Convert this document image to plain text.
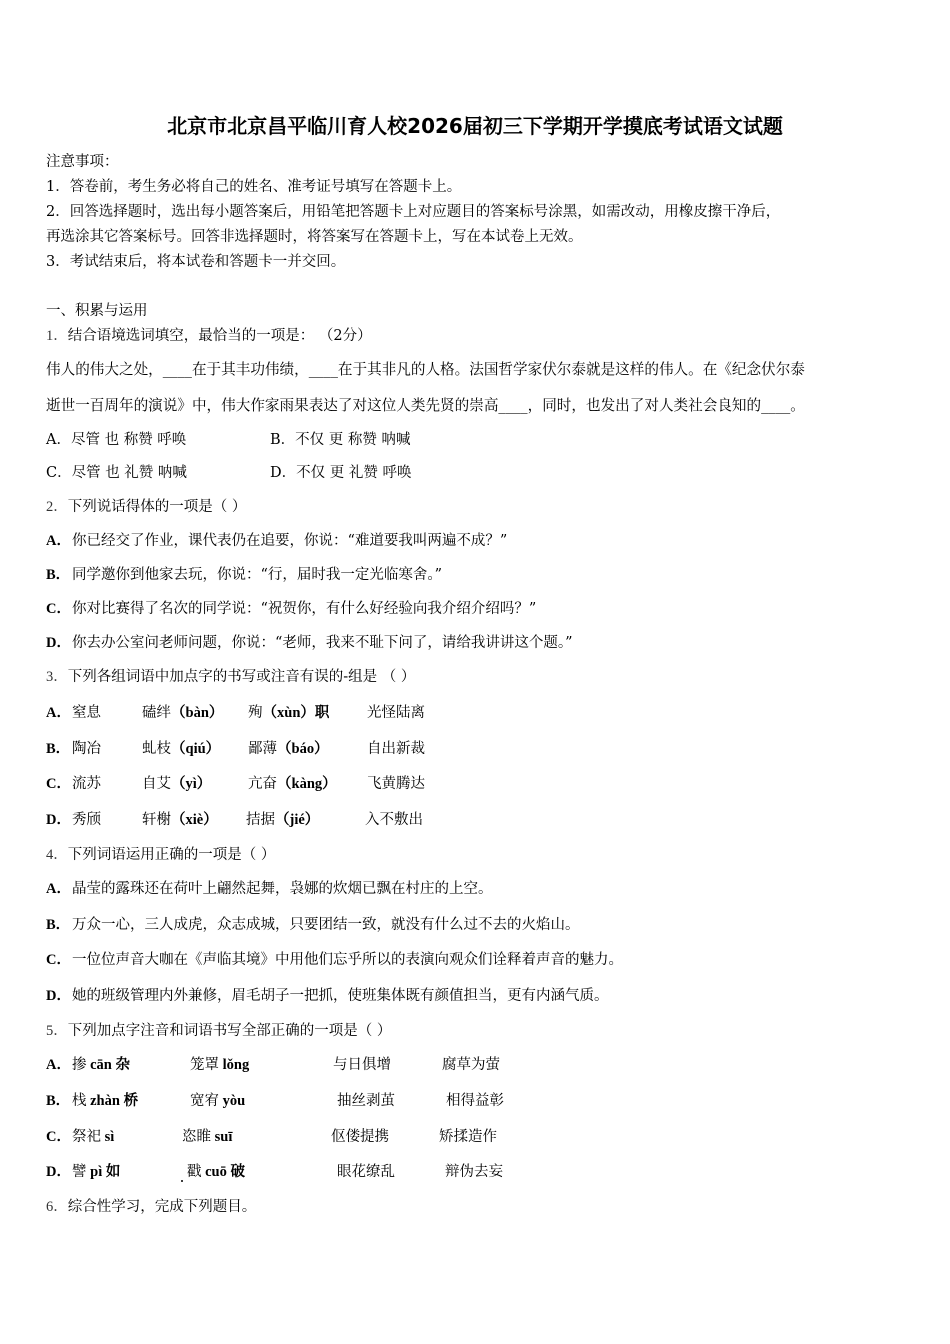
北京市北京昌平临川育人校2026届初三下学期开学摸底考试语文试题
注意事项：
1．答卷前，考生务必将自己的姓名、准考证号填写在答题卡上。
2．回答选择题时，选出每小题答案后，用铅笔把答题卡上对应题目的答案标号涂黑，如需改动，用橡皮擦干净后，
再选涂其它答案标号。回答非选择题时，将答案写在答题卡上，写在本试卷上无效。
3．考试结束后，将本试卷和答题卡一并交回。
一、积累与运用
1．结合语境选词填空，最恰当的一项是： （2分）
伟人的伟大之处，____在于其丰功伟绩，____在于其非凡的人格。法国哲学家伏尔泰就是这样的伟人。在《纪念伏尔泰
逝世一百周年的演说》中，伟大作家雨果表达了对这位人类先贤的崇高____，同时，也发出了对人类社会良知的____。
A．尽管 也 称赞 呼唤	B．不仅 更 称赞 呐喊
C．尽管 也 礼赞 呐喊	D．不仅 更 礼赞 呼唤
2．下列说话得体的一项是（ ）
A．你已经交了作业，课代表仍在追要，你说：“难道要我叫两遍不成？”
B． 同学邀你到他家去玩，你说：“行，届时我一定光临寒舍。”
C．你对比赛得了名次的同学说：“祝贺你，有什么好经验向我介绍介绍吗？”
D．你去办公室问老师问题，你说：“老师，我来不耻下问了，请给我讲讲这个题。”
3．下列各组词语中加点字的书写或注音有误的-组是 （ ）
A．窒息	磕绊（bàn） 殉（xùn）职	光怪陆离
B． 陶冶	虬枝（qiú） 鄙薄（báo）	自出新裁
C．流苏	自艾（yì）	亢奋（kàng） 飞黄腾达
D．秀颀	轩榭（xiè） 拮据（jié）	入不敷出
4．下列词语运用正确的一项是（ ）
A．晶莹的露珠还在荷叶上翩然起舞，袅娜的炊烟已飘在村庄的上空。
B． 万众一心，三人成虎，众志成城，只要团结一致，就没有什么过不去的火焰山。
C．一位位声音大咖在《声临其境》中用他们忘乎所以的表演向观众们诠释着声音的魅力。
D．她的班级管理内外兼修，眉毛胡子一把抓，使班集体既有颜值担当，更有内涵气质。
5．下列加点字注音和词语书写全部正确的一项是（ ）
A．掺 cān 杂	笼罩 lǒng	与日俱增	腐草为萤
B． 栈 zhàn 桥	宽宥 yòu	抽丝剥茧	相得益彰
C．祭祀 sì	恣睢 suī	伛偻提携	矫揉造作
D．譬 pì 如	戳 cuō 破	眼花缭乱	辩伪去妄
6．综合性学习，完成下列题目。
